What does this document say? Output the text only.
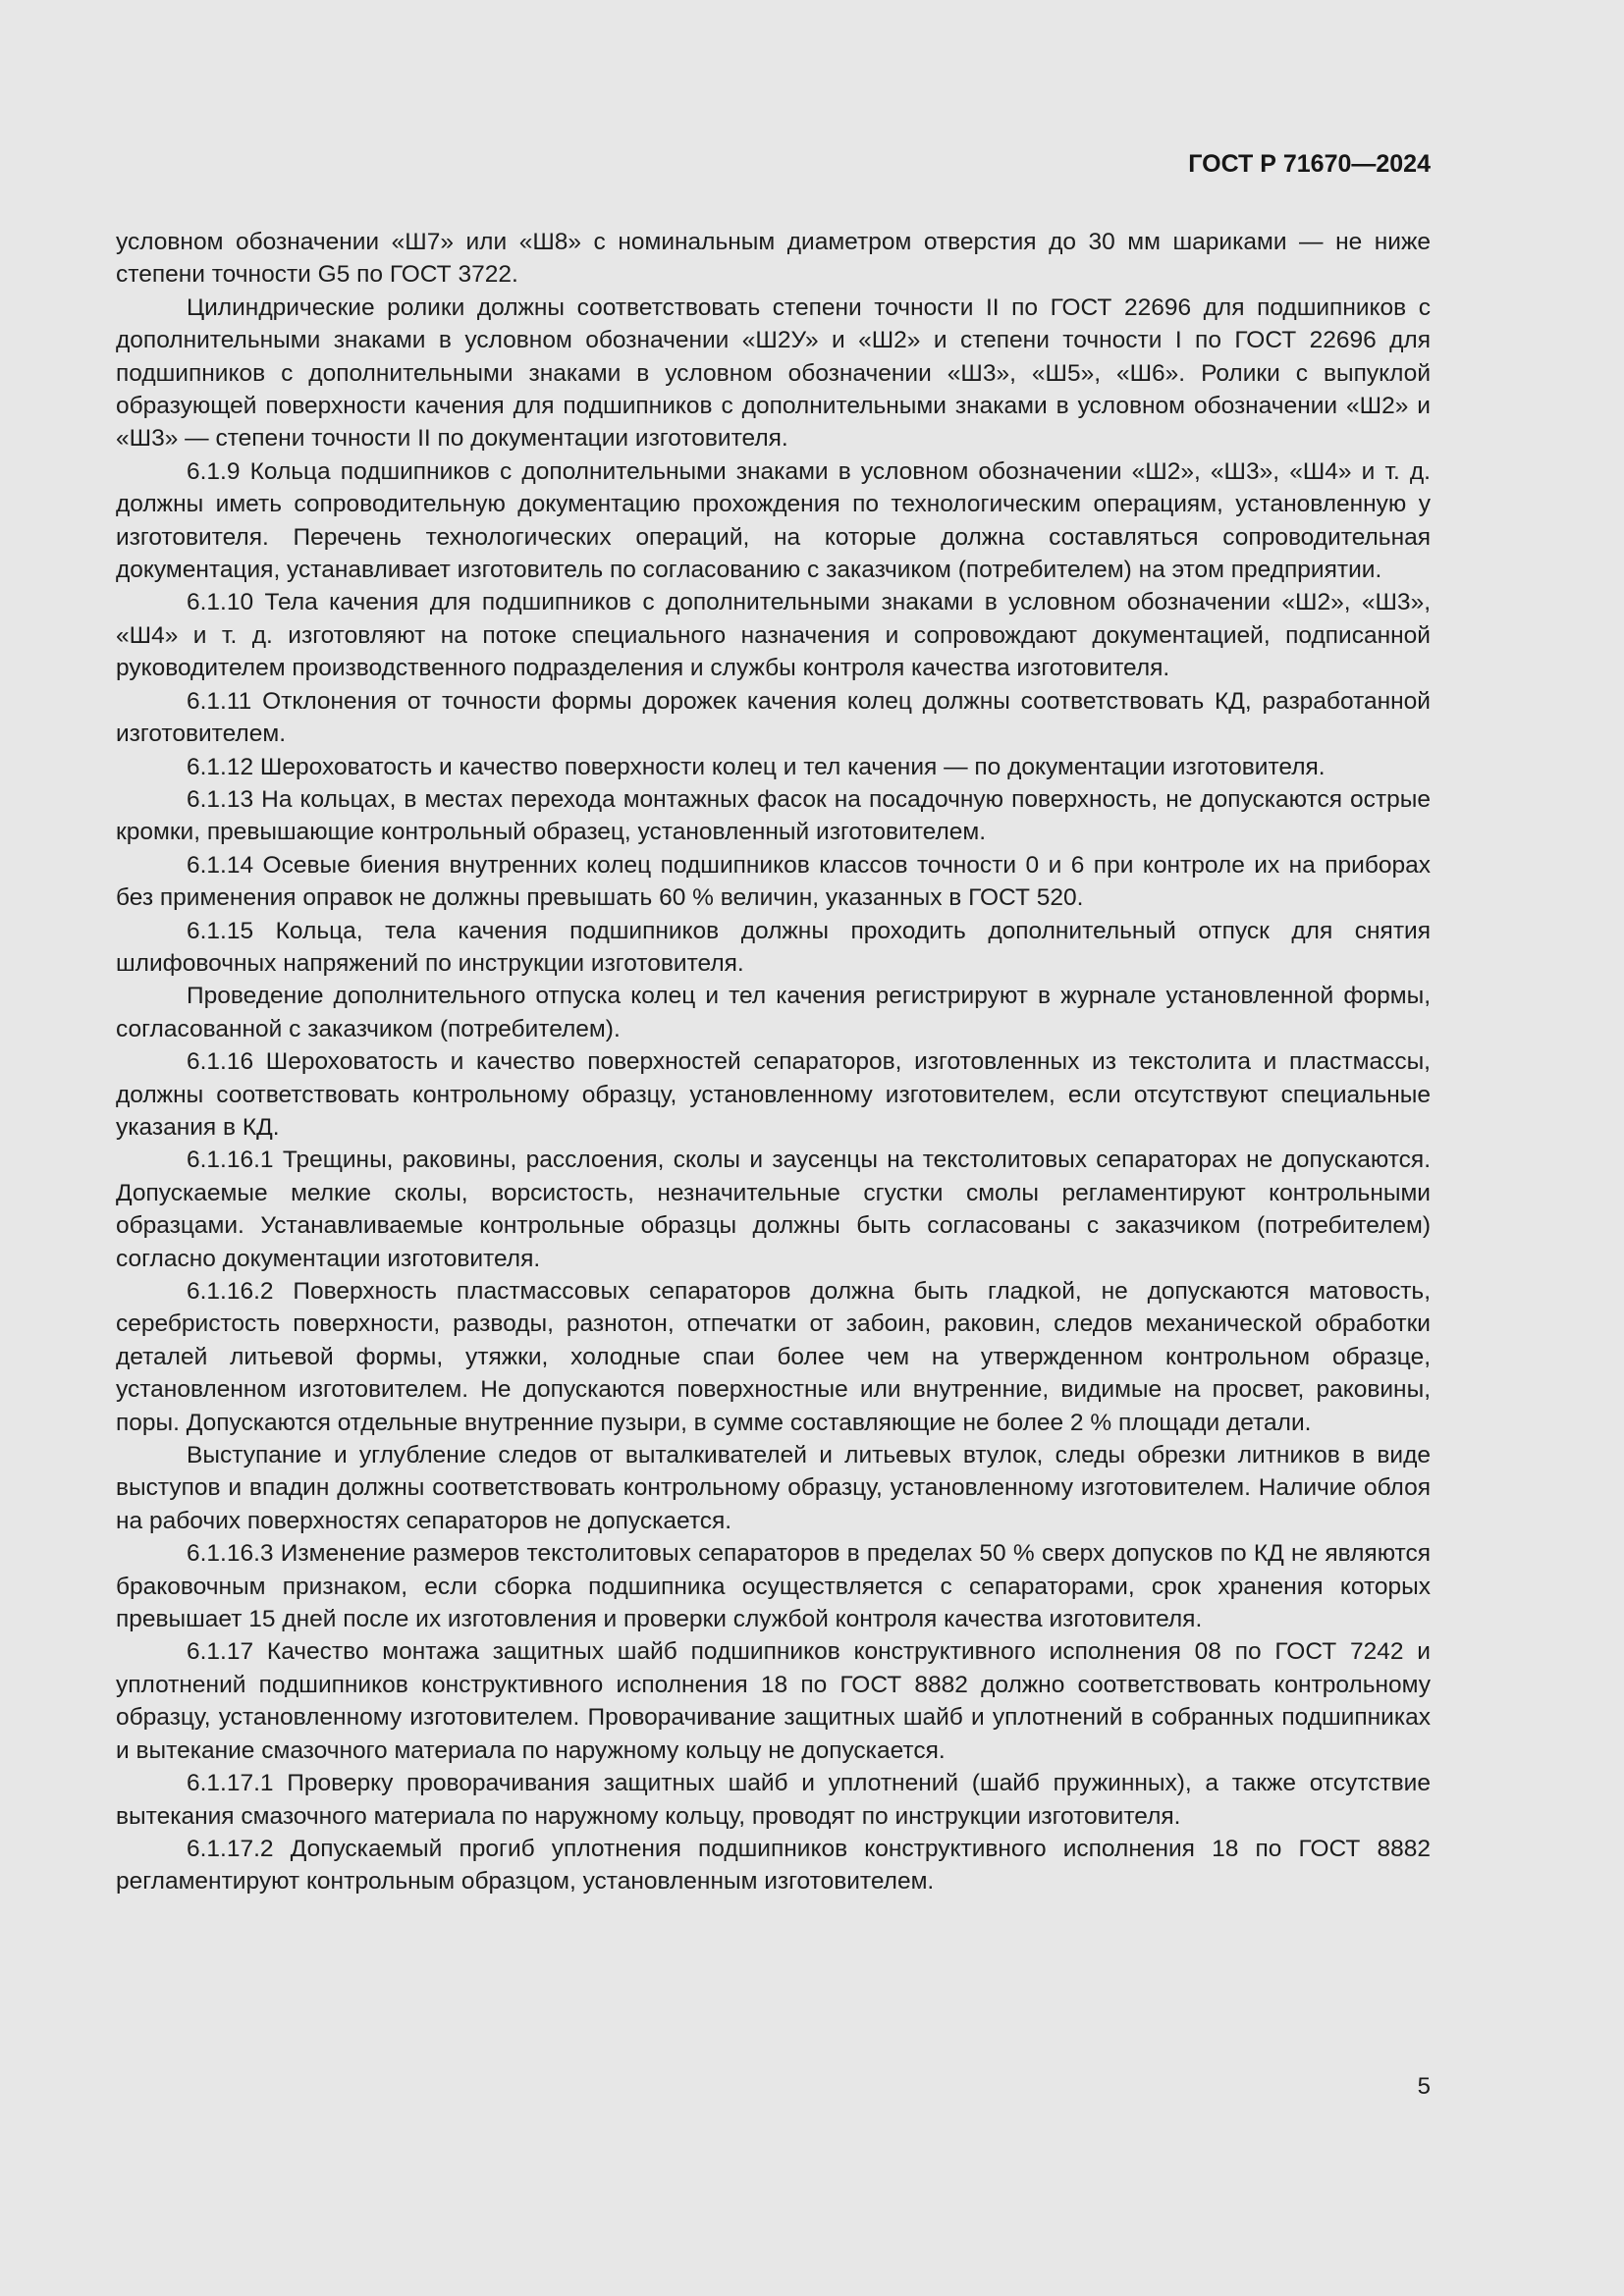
ГОСТ Р 71670—2024

условном обозначении «Ш7» или «Ш8» с номинальным диаметром отверстия до 30 мм шариками — не ниже степени точности G5 по ГОСТ 3722.

Цилиндрические ролики должны соответствовать степени точности II по ГОСТ 22696 для подшипников с дополнительными знаками в условном обозначении «Ш2У» и «Ш2» и степени точности I по ГОСТ 22696 для подшипников с дополнительными знаками в условном обозначении «Ш3», «Ш5», «Ш6». Ролики с выпуклой образующей поверхности качения для подшипников с дополнительными знаками в условном обозначении «Ш2» и «Ш3» — степени точности II по документации изготовителя.

6.1.9 Кольца подшипников с дополнительными знаками в условном обозначении «Ш2», «Ш3», «Ш4» и т. д. должны иметь сопроводительную документацию прохождения по технологическим операциям, установленную у изготовителя. Перечень технологических операций, на которые должна составляться сопроводительная документация, устанавливает изготовитель по согласованию с заказчиком (потребителем) на этом предприятии.

6.1.10 Тела качения для подшипников с дополнительными знаками в условном обозначении «Ш2», «Ш3», «Ш4» и т. д. изготовляют на потоке специального назначения и сопровождают документацией, подписанной руководителем производственного подразделения и службы контроля качества изготовителя.

6.1.11 Отклонения от точности формы дорожек качения колец должны соответствовать КД, разработанной изготовителем.

6.1.12 Шероховатость и качество поверхности колец и тел качения — по документации изготовителя.

6.1.13 На кольцах, в местах перехода монтажных фасок на посадочную поверхность, не допускаются острые кромки, превышающие контрольный образец, установленный изготовителем.

6.1.14 Осевые биения внутренних колец подшипников классов точности 0 и 6 при контроле их на приборах без применения оправок не должны превышать 60 % величин, указанных в ГОСТ 520.

6.1.15 Кольца, тела качения подшипников должны проходить дополнительный отпуск для снятия шлифовочных напряжений по инструкции изготовителя.

Проведение дополнительного отпуска колец и тел качения регистрируют в журнале установленной формы, согласованной с заказчиком (потребителем).

6.1.16 Шероховатость и качество поверхностей сепараторов, изготовленных из текстолита и пластмассы, должны соответствовать контрольному образцу, установленному изготовителем, если отсутствуют специальные указания в КД.

6.1.16.1 Трещины, раковины, расслоения, сколы и заусенцы на текстолитовых сепараторах не допускаются. Допускаемые мелкие сколы, ворсистость, незначительные сгустки смолы регламентируют контрольными образцами. Устанавливаемые контрольные образцы должны быть согласованы с заказчиком (потребителем) согласно документации изготовителя.

6.1.16.2 Поверхность пластмассовых сепараторов должна быть гладкой, не допускаются матовость, серебристость поверхности, разводы, разнотон, отпечатки от забоин, раковин, следов механической обработки деталей литьевой формы, утяжки, холодные спаи более чем на утвержденном контрольном образце, установленном изготовителем. Не допускаются поверхностные или внутренние, видимые на просвет, раковины, поры. Допускаются отдельные внутренние пузыри, в сумме составляющие не более 2 % площади детали.

Выступание и углубление следов от выталкивателей и литьевых втулок, следы обрезки литников в виде выступов и впадин должны соответствовать контрольному образцу, установленному изготовителем. Наличие облоя на рабочих поверхностях сепараторов не допускается.

6.1.16.3 Изменение размеров текстолитовых сепараторов в пределах 50 % сверх допусков по КД не являются браковочным признаком, если сборка подшипника осуществляется с сепараторами, срок хранения которых превышает 15 дней после их изготовления и проверки службой контроля качества изготовителя.

6.1.17 Качество монтажа защитных шайб подшипников конструктивного исполнения 08 по ГОСТ 7242 и уплотнений подшипников конструктивного исполнения 18 по ГОСТ 8882 должно соответствовать контрольному образцу, установленному изготовителем. Проворачивание защитных шайб и уплотнений в собранных подшипниках и вытекание смазочного материала по наружному кольцу не допускается.

6.1.17.1 Проверку проворачивания защитных шайб и уплотнений (шайб пружинных), а также отсутствие вытекания смазочного материала по наружному кольцу, проводят по инструкции изготовителя.

6.1.17.2 Допускаемый прогиб уплотнения подшипников конструктивного исполнения 18 по ГОСТ 8882 регламентируют контрольным образцом, установленным изготовителем.

5
